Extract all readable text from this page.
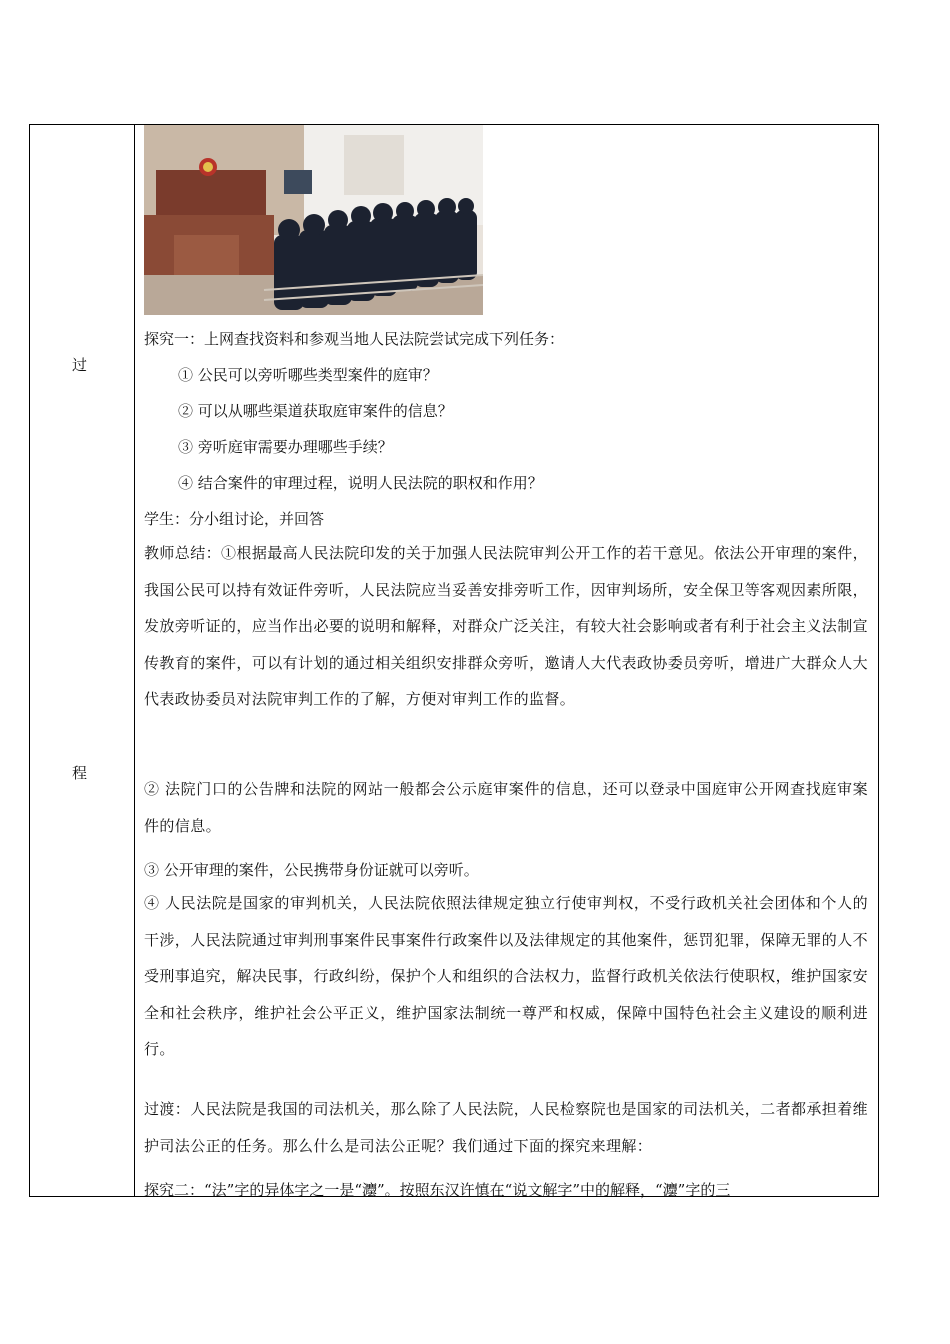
过
程
探究一：上网查找资料和参观当地人民法院尝试完成下列任务：
① 公民可以旁听哪些类型案件的庭审？
② 可以从哪些渠道获取庭审案件的信息？
③ 旁听庭审需要办理哪些手续？
④ 结合案件的审理过程，说明人民法院的职权和作用？
学生：分小组讨论，并回答
教师总结：①根据最高人民法院印发的关于加强人民法院审判公开工作的若干意见。依法公开审理的案件，我国公民可以持有效证件旁听，人民法院应当妥善安排旁听工作，因审判场所，安全保卫等客观因素所限，发放旁听证的，应当作出必要的说明和解释，对群众广泛关注，有较大社会影响或者有利于社会主义法制宣传教育的案件，可以有计划的通过相关组织安排群众旁听，邀请人大代表政协委员旁听，增进广大群众人大代表政协委员对法院审判工作的了解，方便对审判工作的监督。
② 法院门口的公告牌和法院的网站一般都会公示庭审案件的信息，还可以登录中国庭审公开网查找庭审案件的信息。
③ 公开审理的案件，公民携带身份证就可以旁听。
④ 人民法院是国家的审判机关，人民法院依照法律规定独立行使审判权，不受行政机关社会团体和个人的干涉，人民法院通过审判刑事案件民事案件行政案件以及法律规定的其他案件，惩罚犯罪，保障无罪的人不受刑事追究，解决民事，行政纠纷，保护个人和组织的合法权力，监督行政机关依法行使职权，维护国家安全和社会秩序，维护社会公平正义，维护国家法制统一尊严和权威，保障中国特色社会主义建设的顺利进行。
过渡：人民法院是我国的司法机关，那么除了人民法院，人民检察院也是国家的司法机关，二者都承担着维护司法公正的任务。那么什么是司法公正呢？我们通过下面的探究来理解：
探究二：“法”字的异体字之一是“灋”。按照东汉许慎在“说文解字”中的解释，“灋”字的三
